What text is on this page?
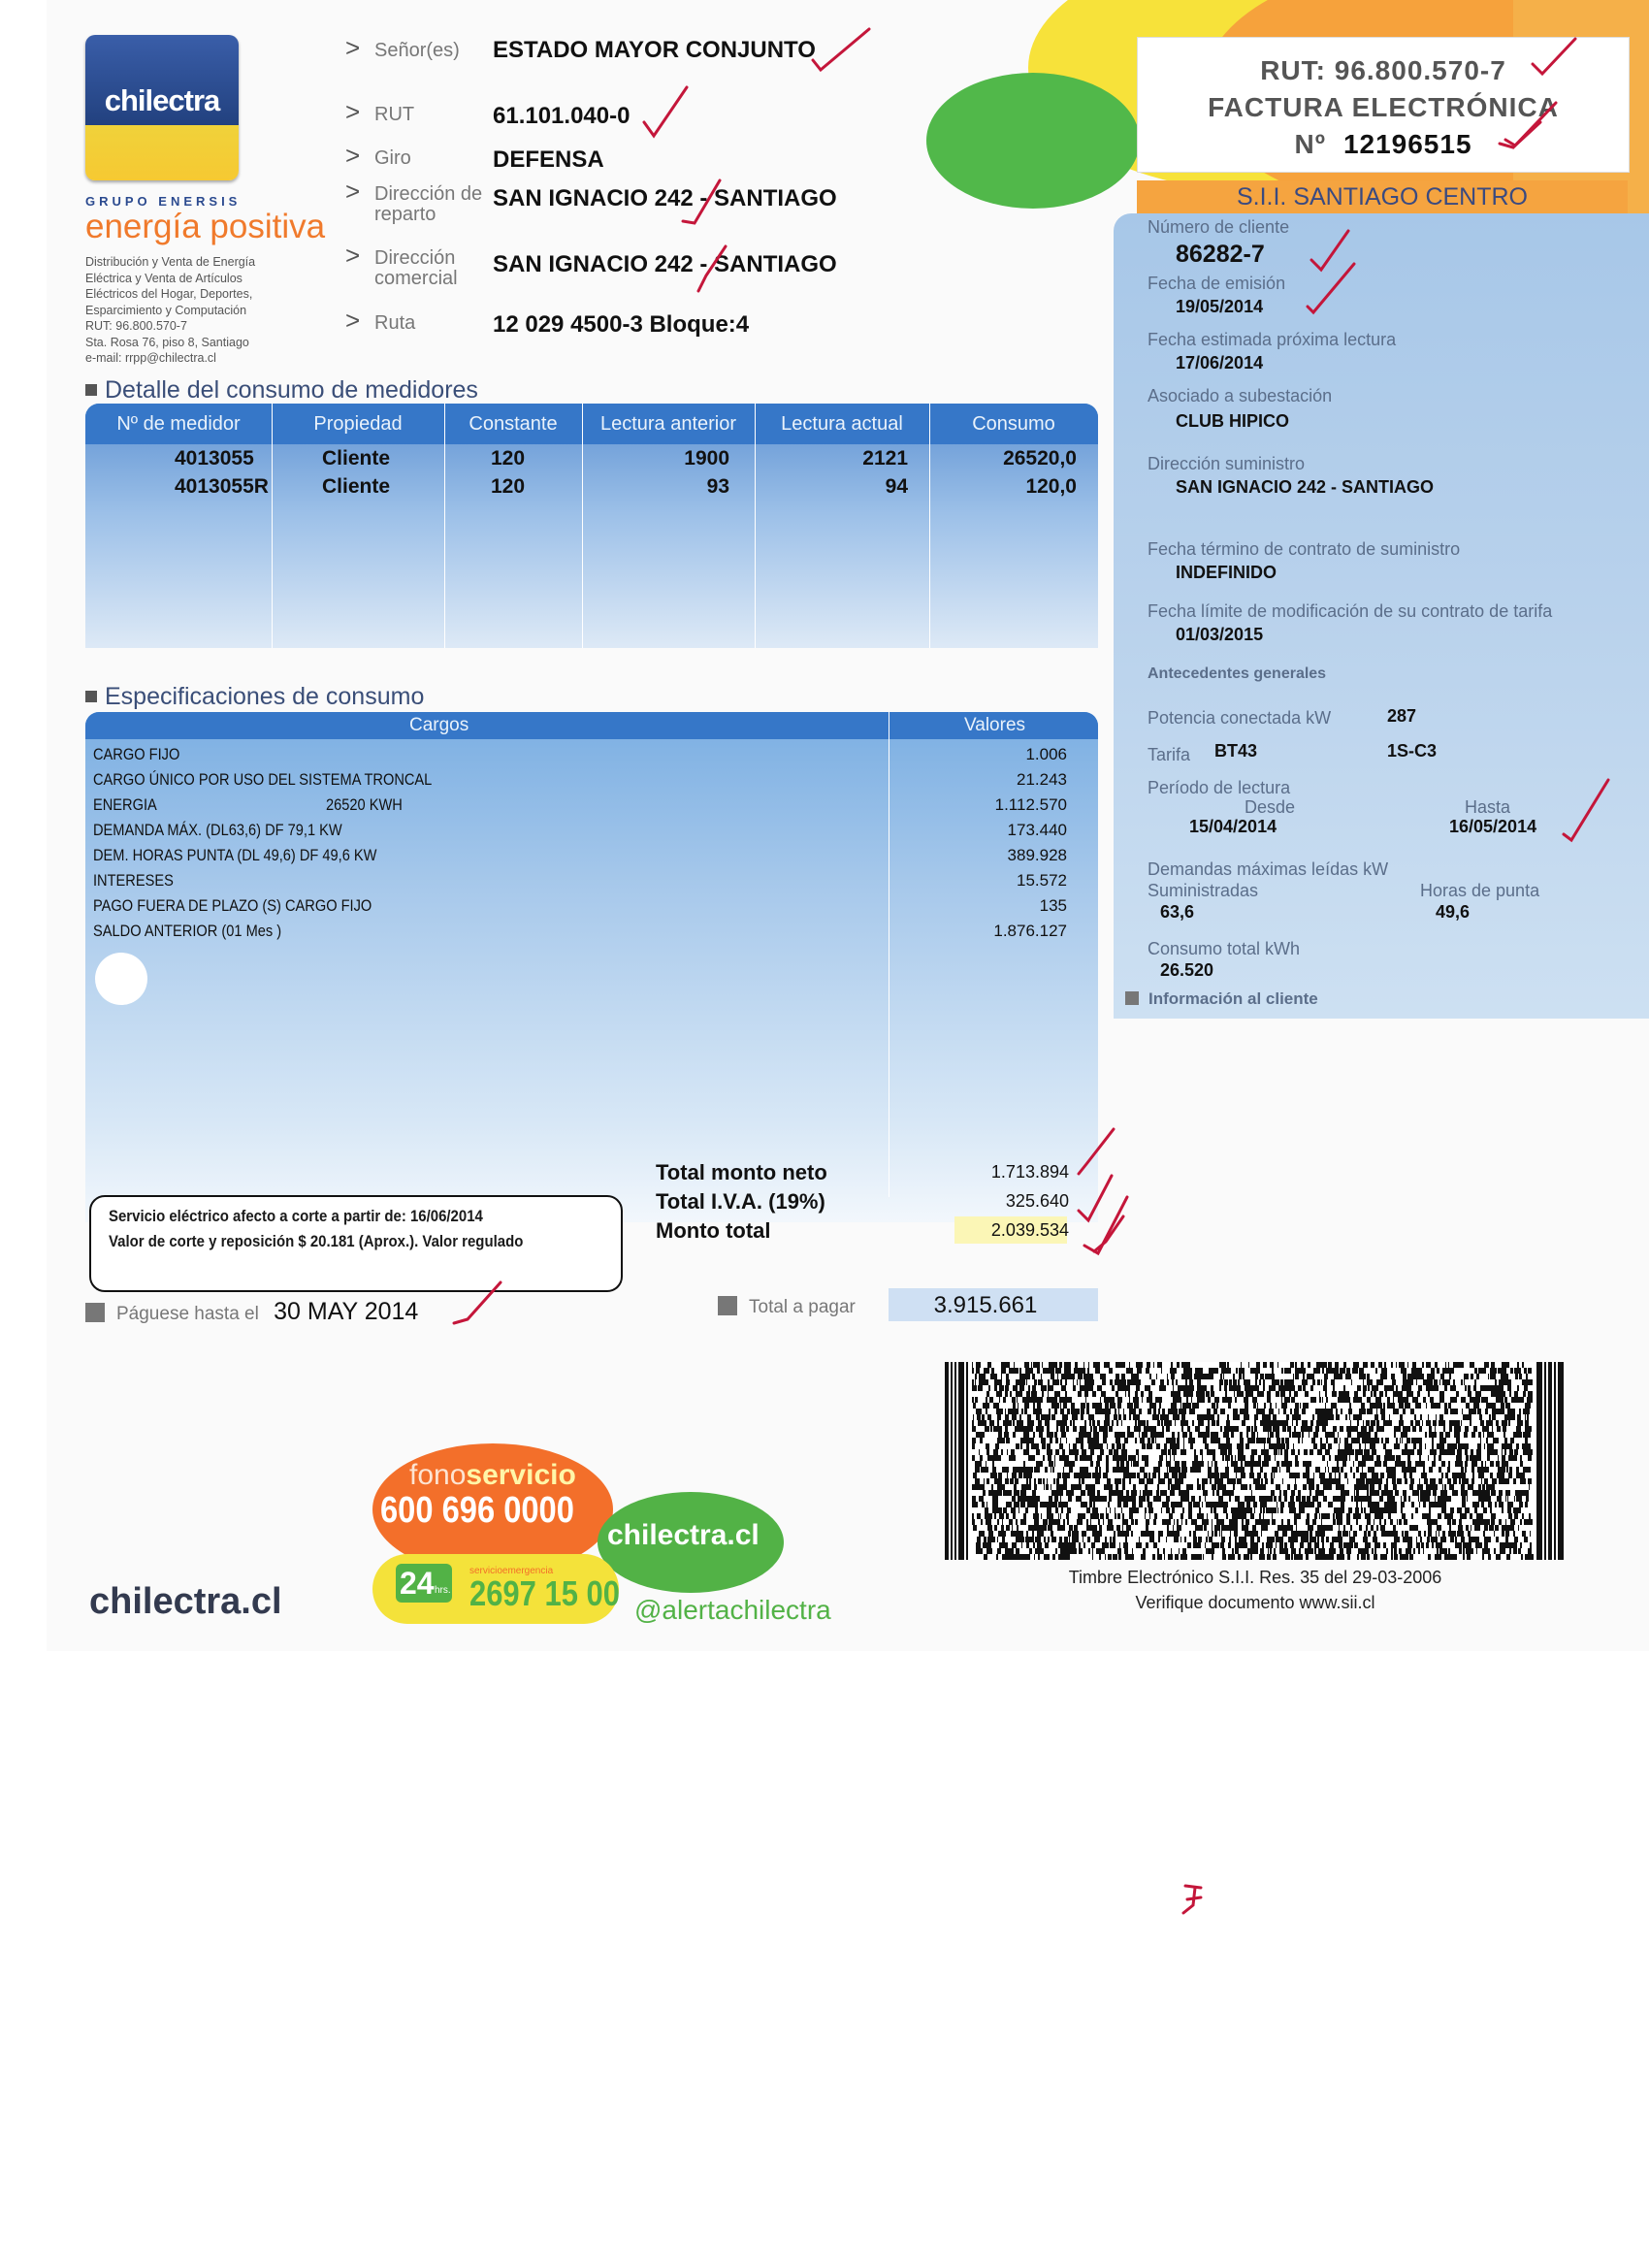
chilectra
GRUPO ENERSIS
energía positiva
Distribución y Venta de Energía
Eléctrica y Venta de Artículos
Eléctricos del Hogar, Deportes,
Esparcimiento y Computación
RUT: 96.800.570-7
Sta. Rosa 76, piso 8, Santiago
e-mail: rrpp@chilectra.cl
> Señor(es)	ESTADO MAYOR CONJUNTO
> RUT	61.101.040-0
> Giro	DEFENSA
> Dirección de reparto
SAN IGNACIO 242 - SANTIAGO
> Dirección comercial
SAN IGNACIO 242 - SANTIAGO
> Ruta	12 029 4500-3 Bloque:4
RUT: 96.800.570-7
FACTURA ELECTRÓNICA
Nº 12196515
S.I.I. SANTIAGO CENTRO
Número de cliente
86282-7
Fecha de emisión
19/05/2014
Fecha estimada próxima lectura
17/06/2014
Asociado a subestación
CLUB HIPICO
Dirección suministro
SAN IGNACIO 242 - SANTIAGO
Fecha término de contrato de suministro
INDEFINIDO
Fecha límite de modificación de su contrato de tarifa
01/03/2015
Antecedentes generales
Potencia conectada kW	287
Tarifa BT43	1S-C3
Período de lectura
Desde	Hasta
15/04/2014	16/05/2014
Demandas máximas leídas kW
Suministradas	Horas de punta
63,6	49,6
Consumo total kWh
26.520
Información al cliente
Detalle del consumo de medidores
Nº de medidor	Propiedad	Constante	Lectura anterior	Lectura actual	Consumo
4013055	Cliente	120	1900	2121	26520,0
4013055R	Cliente	120	93	94	120,0
Especificaciones de consumo
Cargos	Valores
CARGO FIJO	1.006
CARGO ÚNICO POR USO DEL SISTEMA TRONCAL	21.243
ENERGIA	26520 KWH	1.112.570
DEMANDA MÁX. (DL63,6) DF 79,1 KW	173.440
DEM. HORAS PUNTA (DL 49,6) DF 49,6 KW	389.928
INTERESES	15.572
PAGO FUERA DE PLAZO (S) CARGO FIJO	135
SALDO ANTERIOR (01 Mes )	1.876.127
Total monto neto	1.713.894
Total I.V.A. (19%)	325.640
Monto total	2.039.534
Servicio eléctrico afecto a corte a partir de: 16/06/2014
Valor de corte y reposición $ 20.181 (Aprox.). Valor regulado
Páguese hasta el 30 MAY 2014	Total a pagar	3.915.661
Timbre Electrónico S.I.I. Res. 35 del 29-03-2006
Verifique documento www.sii.cl
chilectra.cl
fonoservicio
600 696 0000
chilectra.cl
24 hrs.
servicioemergencia
2697 15 00 @alertachilectra
